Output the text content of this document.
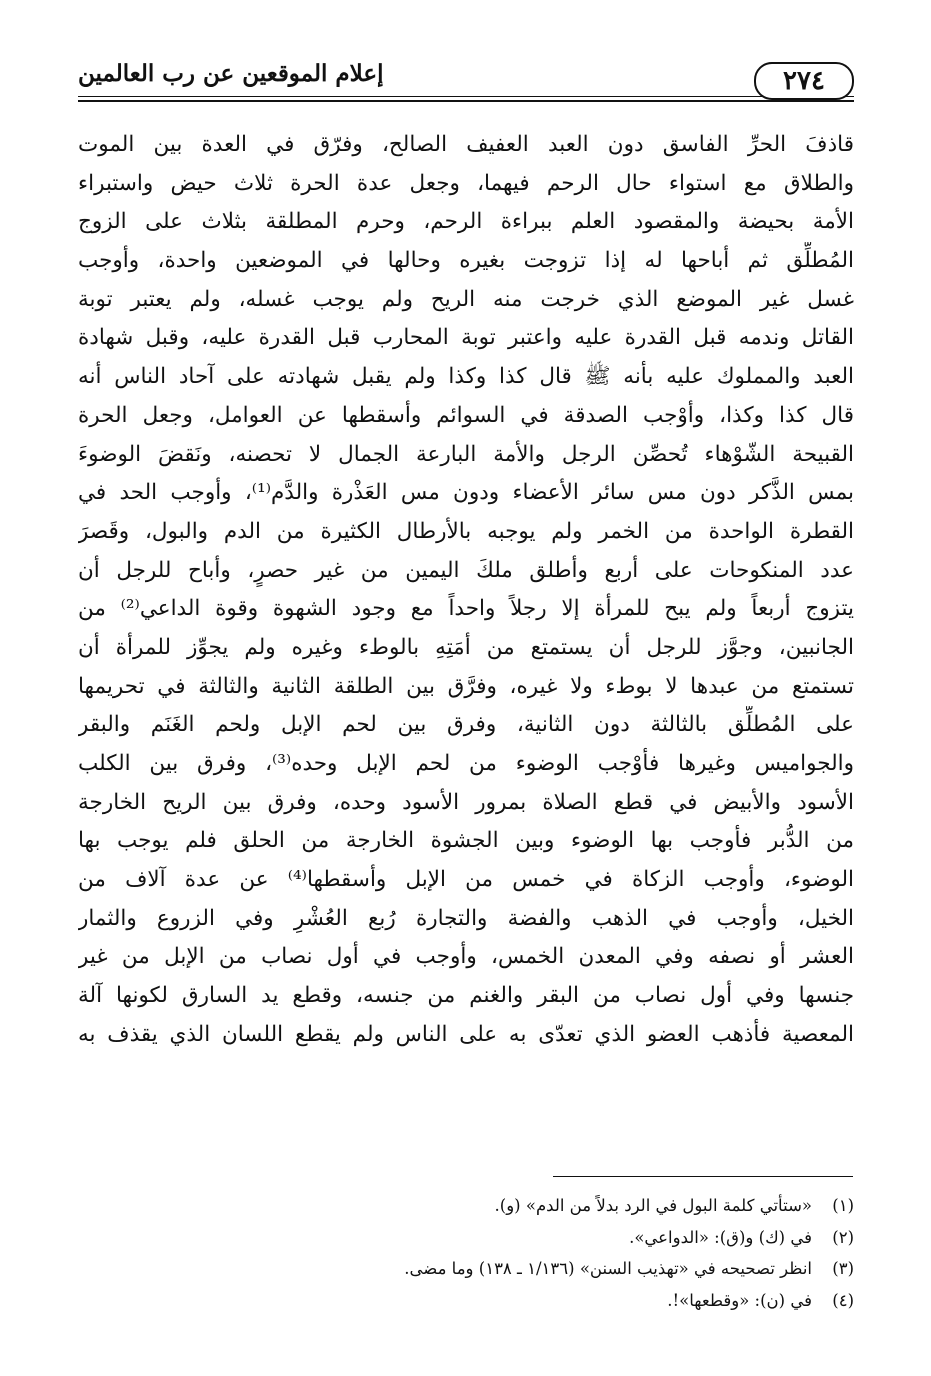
٢٧٤
إعلام الموقعين عن رب العالمين
قاذفَ الحرِّ الفاسق دون العبد العفيف الصالح، وفرّق في العدة بين الموت
والطلاق مع استواء حال الرحم فيهما، وجعل عدة الحرة ثلاث حيض واستبراء
الأمة بحيضة والمقصود العلم ببراءة الرحم، وحرم المطلقة بثلاث على الزوج
المُطلِّق ثم أباحها له إذا تزوجت بغيره وحالها في الموضعين واحدة، وأوجب
غسل غير الموضع الذي خرجت منه الريح ولم يوجب غسله، ولم يعتبر توبة
القاتل وندمه قبل القدرة عليه واعتبر توبة المحارب قبل القدرة عليه، وقبل شهادة
العبد والمملوك عليه بأنه ﷺ قال كذا وكذا ولم يقبل شهادته على آحاد الناس أنه
قال كذا وكذا، وأوْجب الصدقة في السوائم وأسقطها عن العوامل، وجعل الحرة
القبيحة الشّوْهاء تُحصِّن الرجل والأمة البارعة الجمال لا تحصنه، ونَقضَ الوضوءَ
بمس الذَّكر دون مس سائر الأعضاء ودون مس العَذْرة والدَّم⁽¹⁾، وأوجب الحد في
القطرة الواحدة من الخمر ولم يوجبه بالأرطال الكثيرة من الدم والبول، وقَصرَ
عدد المنكوحات على أربع وأطلق ملكَ اليمين من غير حصرٍ، وأباح للرجل أن
يتزوج أربعاً ولم يبح للمرأة إلا رجلاً واحداً مع وجود الشهوة وقوة الداعي⁽²⁾ من
الجانبين، وجوَّز للرجل أن يستمتع من أمَتِهِ بالوطء وغيره ولم يجوِّز للمرأة أن
تستمتع من عبدها لا بوطء ولا غيره، وفرَّق بين الطلقة الثانية والثالثة في تحريمها
على المُطلِّق بالثالثة دون الثانية، وفرق بين لحم الإبل ولحم الغَنَم والبقر
والجواميس وغيرها فأوْجب الوضوء من لحم الإبل وحده⁽³⁾، وفرق بين الكلب
الأسود والأبيض في قطع الصلاة بمرور الأسود وحده، وفرق بين الريح الخارجة
من الدُّبر فأوجب بها الوضوء وبين الجشوة الخارجة من الحلق فلم يوجب بها
الوضوء، وأوجب الزكاة في خمس من الإبل وأسقطها⁽⁴⁾ عن عدة آلاف من
الخيل، وأوجب في الذهب والفضة والتجارة رُبع العُشْرِ وفي الزروع والثمار
العشر أو نصفه وفي المعدن الخمس، وأوجب في أول نصاب من الإبل من غير
جنسها وفي أول نصاب من البقر والغنم من جنسه، وقطع يد السارق لكونها آلة
المعصية فأذهب العضو الذي تعدّى به على الناس ولم يقطع اللسان الذي يقذف به
(١)«ستأتي كلمة البول في الرد بدلاً من الدم» (و).
(٢)في (ك) و(ق): «الدواعي».
(٣)انظر تصحيحه في «تهذيب السنن» (١/١٣٦ ـ ١٣٨) وما مضى.
(٤)في (ن): «وقطعها»!.
